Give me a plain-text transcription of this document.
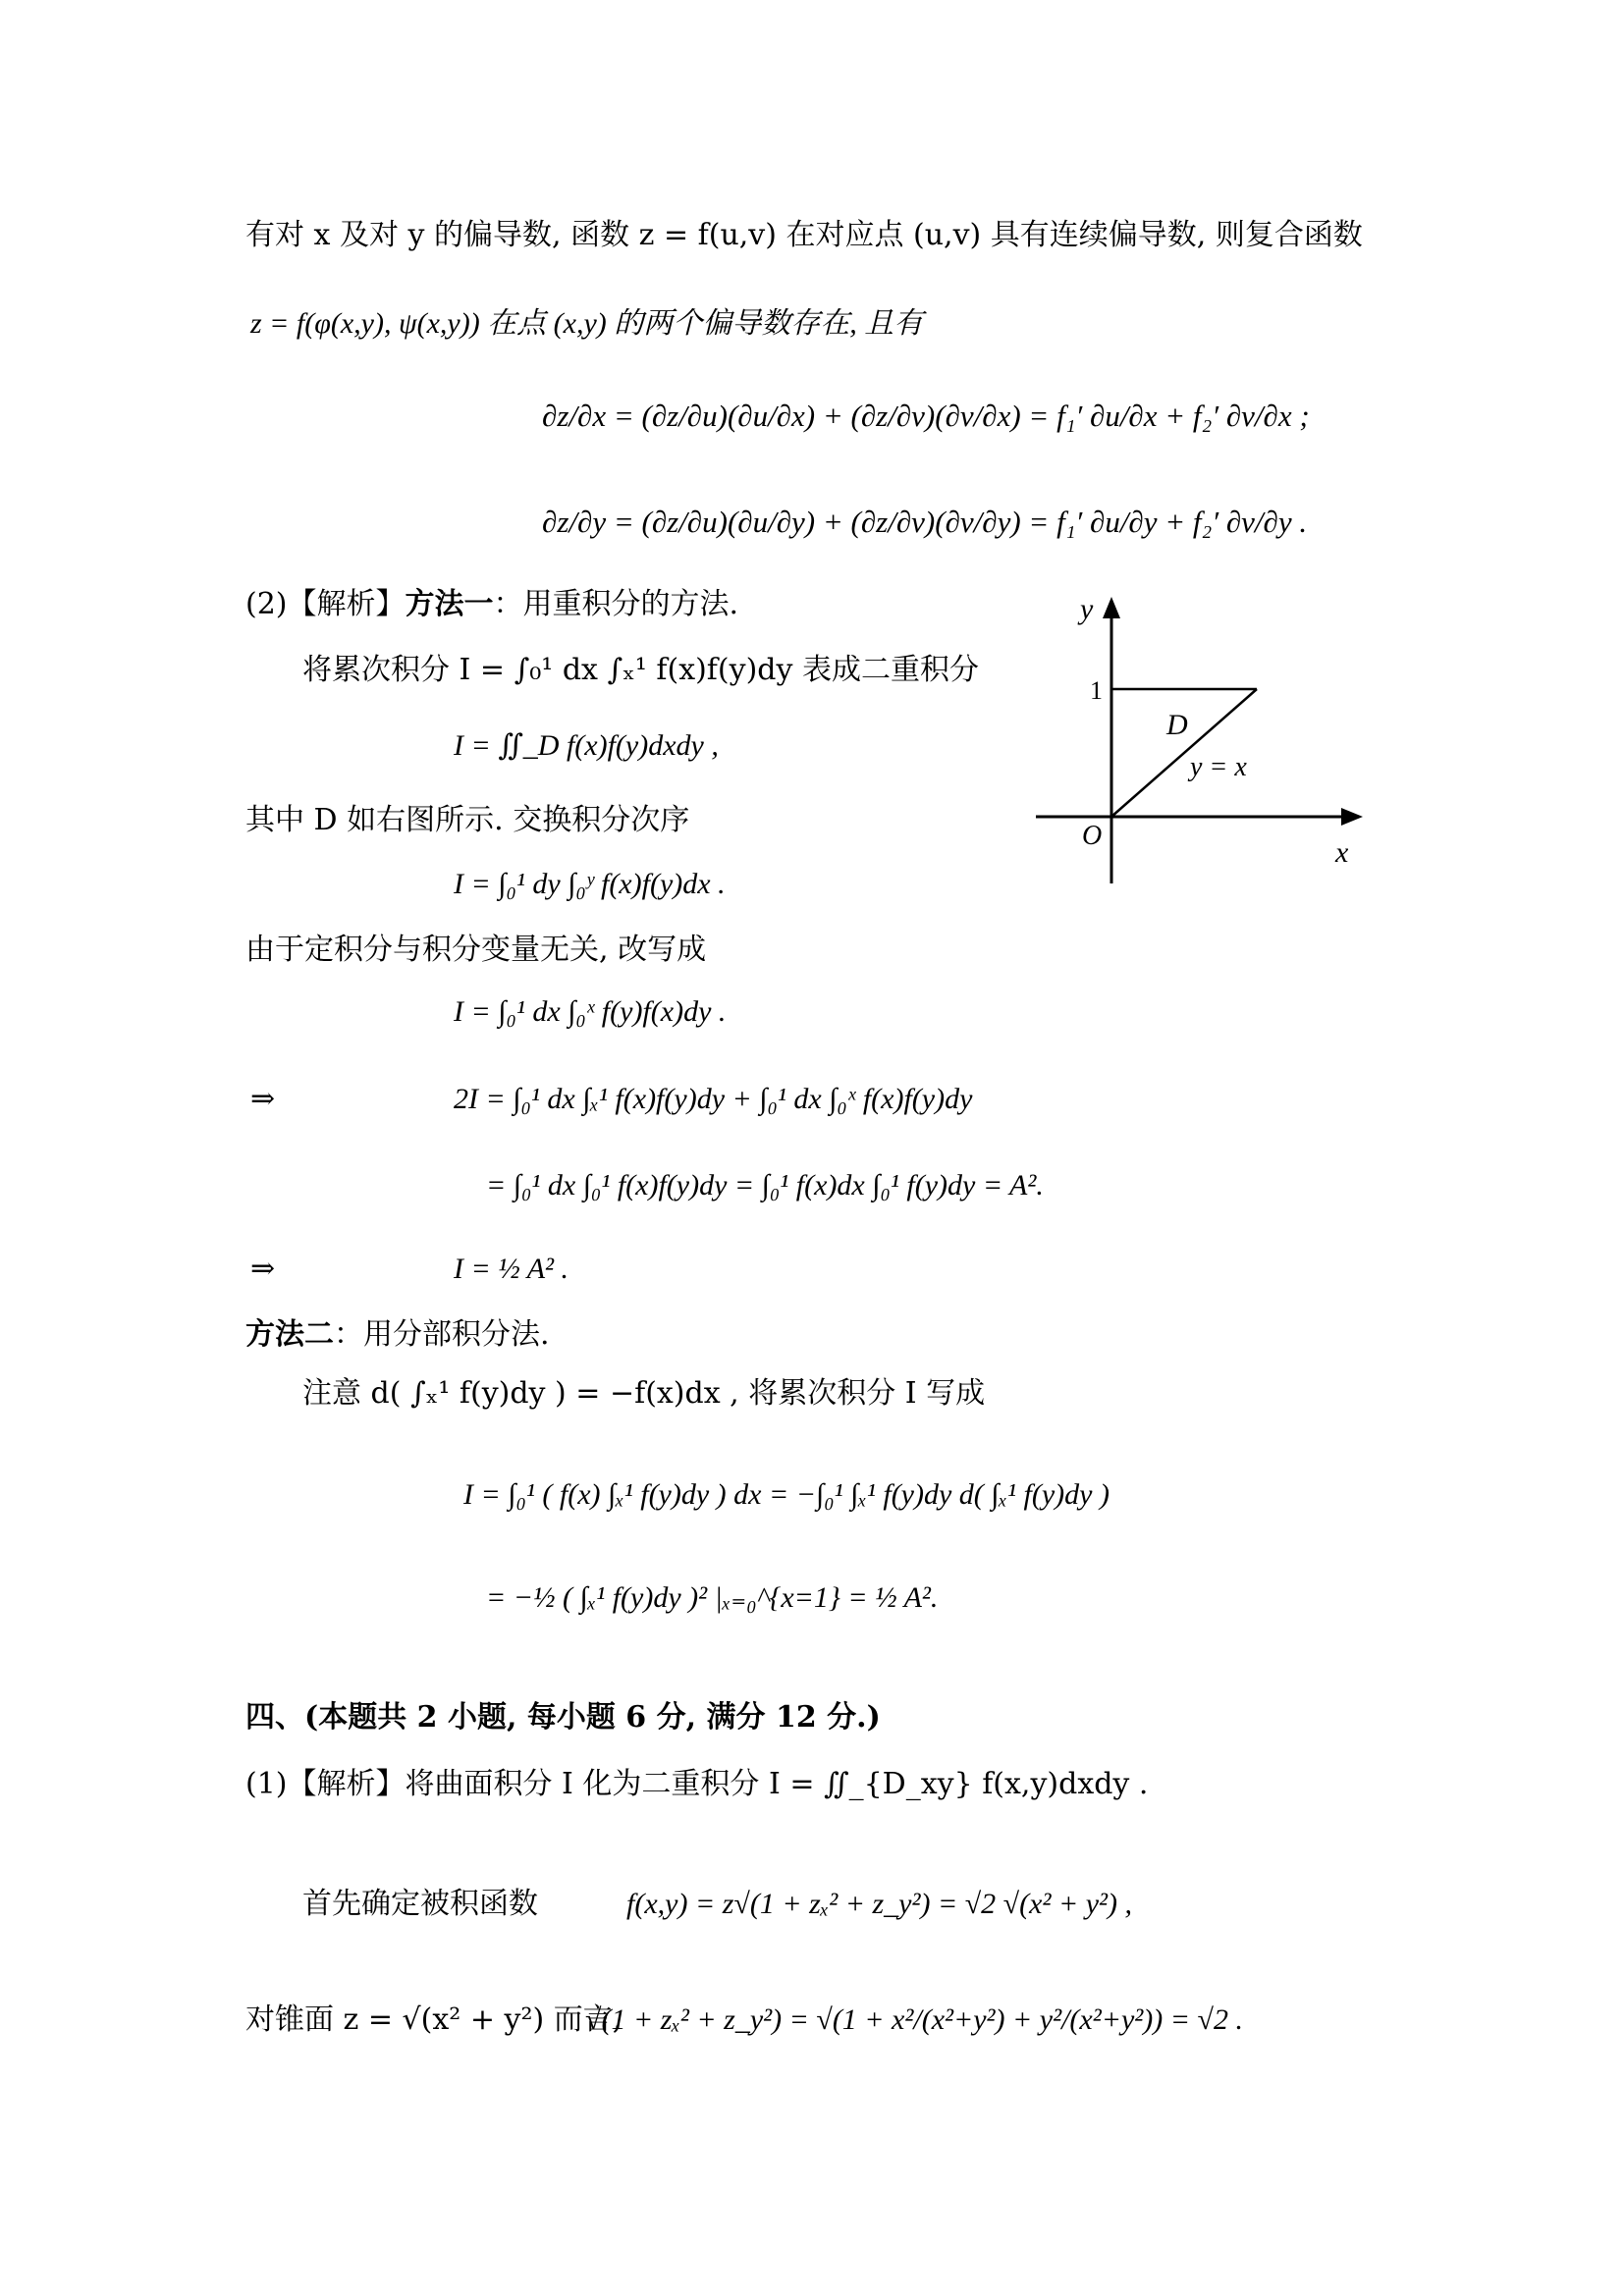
有对 x 及对 y 的偏导数, 函数 z = f(u,v) 在对应点 (u,v) 具有连续偏导数, 则复合函数
z = f(φ(x,y), ψ(x,y)) 在点 (x,y) 的两个偏导数存在, 且有
∂z/∂x = (∂z/∂u)(∂u/∂x) + (∂z/∂v)(∂v/∂x) = f₁′ ∂u/∂x + f₂′ ∂v/∂x ;
∂z/∂y = (∂z/∂u)(∂u/∂y) + (∂z/∂v)(∂v/∂y) = f₁′ ∂u/∂y + f₂′ ∂v/∂y .
(2)【解析】方法一：用重积分的方法.
将累次积分 I = ∫₀¹ dx ∫ₓ¹ f(x)f(y)dy 表成二重积分
I = ∬_D f(x)f(y)dxdy ,
其中 D 如右图所示. 交换积分次序
I = ∫₀¹ dy ∫₀ʸ f(x)f(y)dx .
由于定积分与积分变量无关, 改写成
I = ∫₀¹ dx ∫₀ˣ f(y)f(x)dy .
⇒	2I = ∫₀¹ dx ∫ₓ¹ f(x)f(y)dy + ∫₀¹ dx ∫₀ˣ f(x)f(y)dy
= ∫₀¹ dx ∫₀¹ f(x)f(y)dy = ∫₀¹ f(x)dx ∫₀¹ f(y)dy = A².
⇒	I = ½ A² .
方法二：用分部积分法.
注意 d( ∫ₓ¹ f(y)dy ) = −f(x)dx , 将累次积分 I 写成
I = ∫₀¹ ( f(x) ∫ₓ¹ f(y)dy ) dx = −∫₀¹ ∫ₓ¹ f(y)dy d( ∫ₓ¹ f(y)dy )
= −½ ( ∫ₓ¹ f(y)dy )² |ₓ₌₀^{x=1} = ½ A².
四、(本题共 2 小题, 每小题 6 分, 满分 12 分.)
(1)【解析】将曲面积分 I 化为二重积分 I = ∬_{D_xy} f(x,y)dxdy .
首先确定被积函数	f(x,y) = z√(1 + zₓ² + z_y²) = √2 √(x² + y²) ,
对锥面 z = √(x² + y²) 而言,
√(1 + zₓ² + z_y²) = √(1 + x²/(x²+y²) + y²/(x²+y²)) = √2 .
y
x
O
1
D
y = x
